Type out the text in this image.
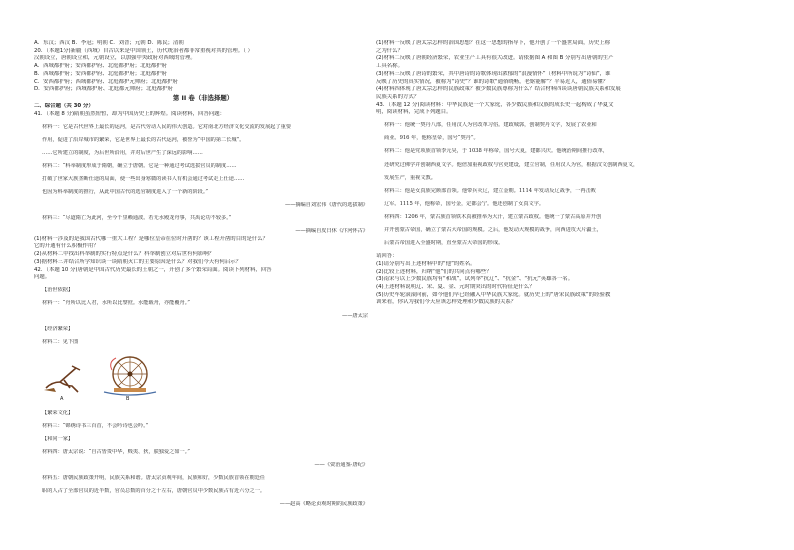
A．东汉；西汉 B．李冠；明朝 C．刘晋；元朝 D．陈民；清朝

20．（本题1分)新疆（西域）自古以来是中国领土，历代统治者都非常重视对其的管理。（ ）

汉朝设立，唐朝设立和，元朝设立，以加强中央政府对西域的管理。

A．西域都护府；安西都护府、北庭都护府；北庭都护府

B．西域都护府；安西都护府、北庭都护府；北庭都护府

C．安西都护府；西域都护府、北庭都护元帅府；北庭都护府

D．安西都护府；西域都护府、北庭都元帅府；北庭都护府

第 II 卷（非选择题）

二、综合题（共 30 分）

41．（本题 8 分)隋朝虽然短暂，却为中国历史上的辉煌。阅读材料，回答问题：

材料一：它是古代世界上最长的运河，是古代劳动人民的伟大创造。它对南北方经济文化交流的发展起了重要

作用，促进了沿岸城市的繁荣，它是世界上最长的古代运河，被誉为“中国的第二长城”。

……它所建立的制度，为后世所沿用，并对后世产生了深远的影响……

材料二：“科举制度形成于隋朝，确立于唐朝。它是一种通过考试选拔官员的制度……

打破了世家大族垄断仕途的局面，使一些出身寒微的读书人有机会通过考试走上仕途……

也因为科举制度的推行，从此中国古代的选官制度进入了一个新的阶段。”

——摘编自刘宏伟《唐代的选拔制》

材料三：“尽道隋亡为此河，至今千里赖通波。若无水殿龙舟事，共禹论功不较多。”

——摘编自皮日休《汴河怀古》

(1)材料一涉及的是我国古代哪一重大工程？是哪位皇帝在位时开凿的？该工程开凿的目的是什么？

它的开通有什么积极作用？

(2)从材料二中找出科举制的实行特点是什么？科举制创立对后世有何影响？

(3)据材料三并结合所学知识谈一谈隋朝灭亡的主要原因是什么？对我们今天有何启示？

42．（本题 10 分)唐朝是中国古代历史最长的王朝之一，开创了多个繁荣局面。阅读下列材料，回答

问题。

【治世依据】

材料一：“舟所以比人君，水所以比黎庶。水能载舟，亦能覆舟。”

——唐太宗

【经济繁荣】

材料二：见下图

A	B

【繁荣文化】

材料三：“锦绣诗书三百首，不会吟诗也会吟。”

【和同一家】

材料四：唐太宗说：“自古皆贵中华，贱夷、狄，朕独爱之如一。”

——《资治通鉴·唐纪》

材料五：唐朝民族政策开明，民族关系和谐。唐太宗贞观年间，民族和好，少数民族首领在朝廷任

职的人占了全部官员的近半数，官员总数的百分之十左右，唐朝官员中少数民族占有近六分之一。

——赵高《略论贞观时期的民族政策》

(1)材料一反映了唐太宗怎样的治国思想？在这一思想的指导下，他开创了一个盛世局面，历史上称

之为什么？

(2)材料二反映了唐朝经济繁荣，农业生产工具有很大改进。请依据图 A 和图 B 分别写出唐朝的生产

工具名称。

(3)材料三反映了唐诗的繁荣，其中唐诗的诗歌体现出浓郁的“浪漫情怀”（材料中所说为“诗仙”，谁

反映了历史的真实情况，被称为“诗史”？谁的诗歌“通俗晓畅，老妪能解”？平易近人，通俗易懂？

(4)材料四体现了唐太宗怎样的民族政策？被少数民族尊称为什么？结合材料四谈谈唐朝民族关系和发展

民族关系的方式？

43．（本题 12 分)阅读材料：中华民族是一个大家庭，各少数民族和汉族的成长史一起构成了华夏文

明，阅读材料，完成下列题目。

材料一：他统一契丹八部，任用汉人为官改革习俗。建政城郭，创制契丹文字，发展了农业和

商业。916 年，他称皇帝，国号“契丹”。

材料二：他是党项族首领李元昊，于 1038 年称帝，国号大夏，建都兴庆。他统治期间推行改革，

还研究过佛学并创制西夏文字。他倍加重视政权与官吏建设，建立官制，任用汉人为官，根据汉文创制西夏文，

发展生产，重视文教。

材料三：他是女真族完颜部首领。他带兵灭辽，建立金朝。1114 年发动反辽战争，一再击败

辽军。1115 年，他称帝，国号金，定都会宁。他还创制了女真文字。

材料四：1206 年，蒙古族首领铁木真被推举为大汗，建立蒙古政权。他统一了蒙古高原并开创

并开创蒙古帝国，确立了蒙古大帝国的规模。之后，他发动大规模的战争，向西进攻大片疆土，

后蒙古帝国进入全盛时期，直至蒙古大帝国的形成。

请回答：

(1)请分别写出上述材料中的“他”的姓名。

(2)比较上述材料，归纳“他”们的共同点有哪些？

(3)南宋与以上少数民族均有“和战”，试列举“抗辽”、“抗金”、“抗元”英雄各一名。

(4)上述材料说明辽、宋、夏、金、元时期突出的时代特征是什么？

(5)历史车轮滚滚向前，如今他们早已经融入中华民族大家庭。就历史上的“唐宋民族政策”的经验教

训来看，你认为我们今天应该怎样处理和少数民族的关系？
